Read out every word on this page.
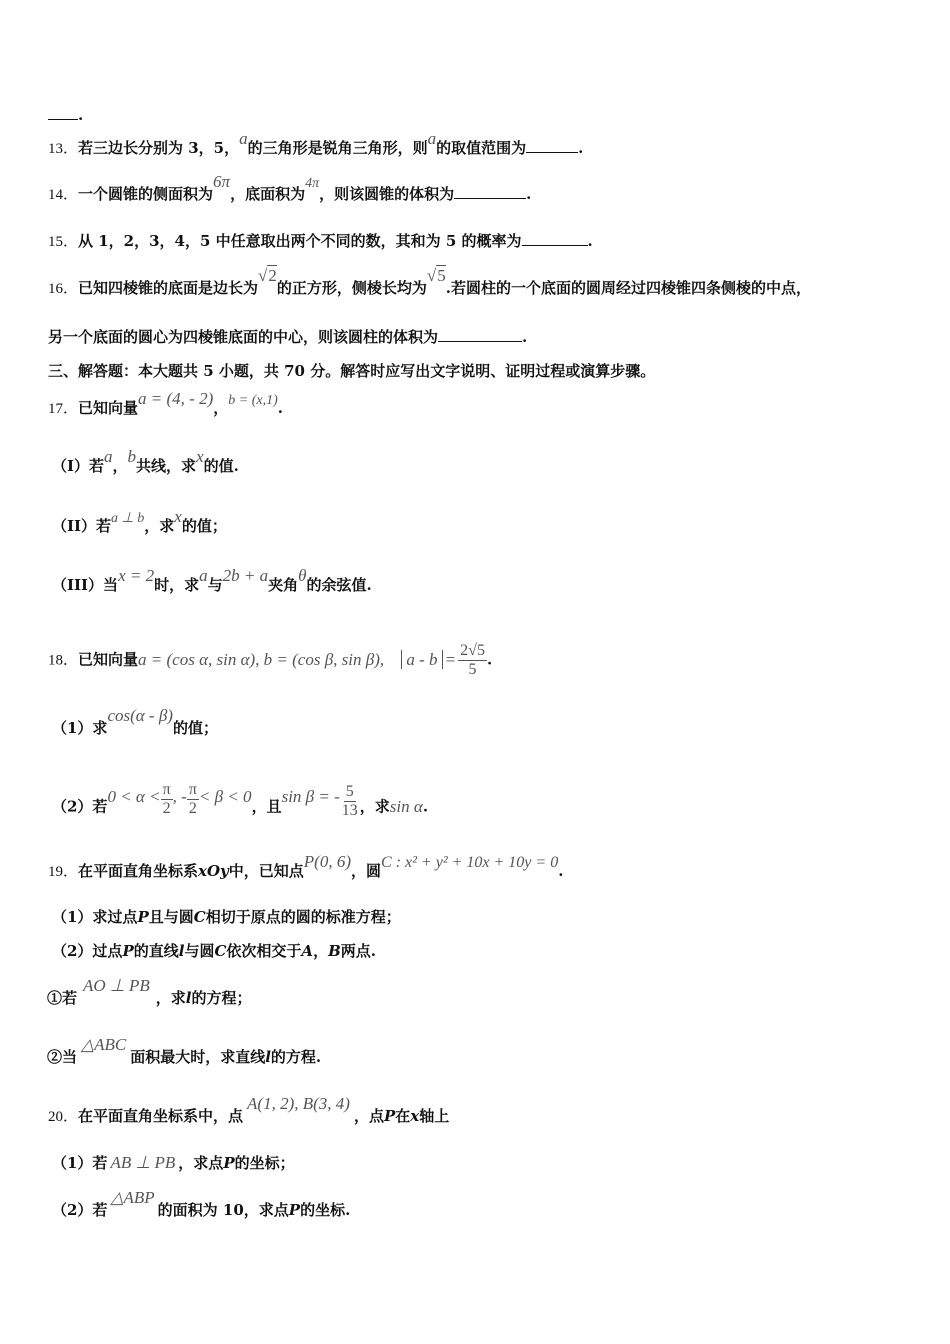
.
13．若三边长分别为 3，5，a的三角形是锐角三角形，则a的取值范围为	.
14．一个圆锥的侧面积为6π，底面积为4π，则该圆锥的体积为	.
15．从 1，2，3，4，5 中任意取出两个不同的数，其和为 5 的概率为	.
16．已知四棱锥的底面是边长为√2的正方形，侧棱长均为√5.若圆柱的一个底面的圆周经过四棱锥四条侧棱的中点，
另一个底面的圆心为四棱锥底面的中心，则该圆柱的体积为	.
三、解答题：本大题共 5 小题，共 70 分。解答时应写出文字说明、证明过程或演算步骤。
17．已知向量a = (4, - 2)，b = (x,1).
（I）若a，b共线，求x的值.
（II）若a ⊥ b，求x的值；
（III）当x = 2时，求a与2b + a夹角θ的余弦值.
18．已知向量a = (cos α, sin α), b = (cos β, sin β), $a - b = \frac{2√5}{5}$ .
（1）求cos(α - β)的值；
（2）若$0 < \alpha < \frac{\pi}{2}$ , - $\frac{\pi}{2} < \beta < 0$，且sin β = - $\frac{5}{13}$ ，求sin α.
19．在平面直角坐标系xOy中，已知点P(0, 6)，圆C : x² + y² + 10x + 10y = 0.
（1）求过点P且与圆C相切于原点的圆的标准方程；
（2）过点P的直线l与圆C依次相交于A，B两点.
①若AO ⊥ PB，求l的方程；
②当△ABC面积最大时，求直线l的方程.
20．在平面直角坐标系中，点A(1, 2), B(3, 4)，点P在x轴上
（1）若 AB ⊥ PB ，求点P的坐标；
（2）若△ABP的面积为 10，求点P的坐标.
